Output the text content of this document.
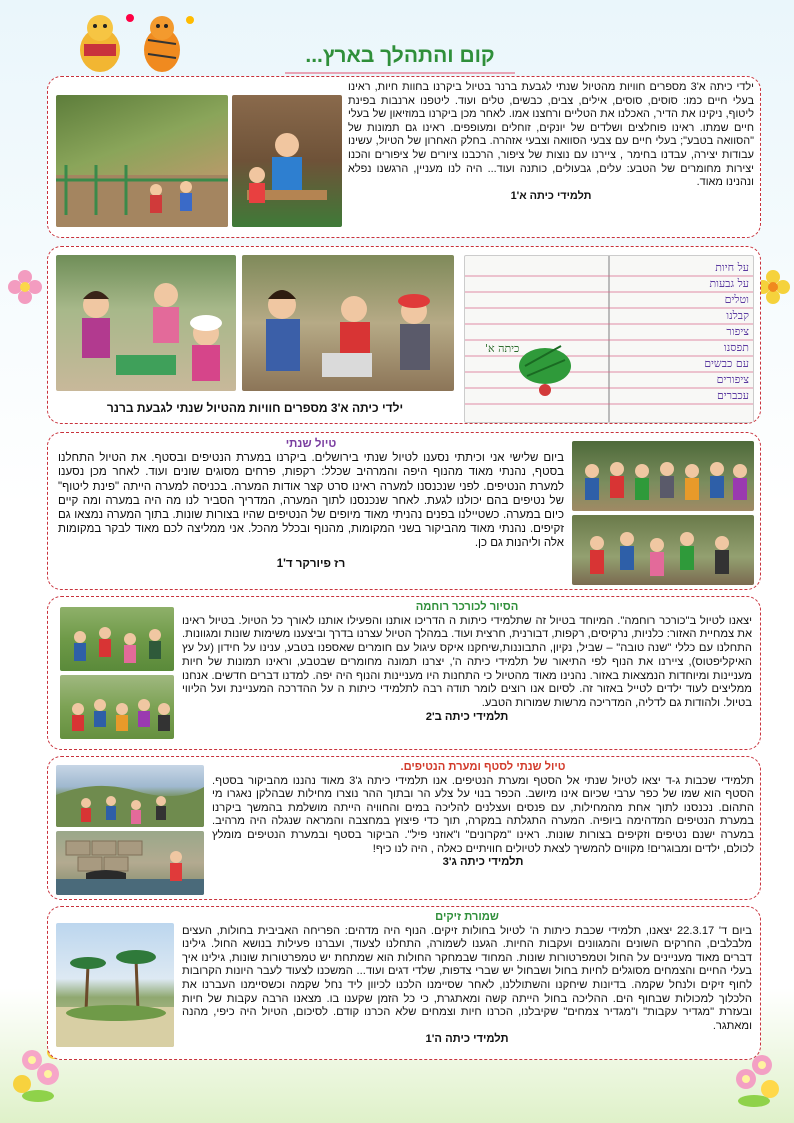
קום והתהלך בארץ...

ילדי כיתה א'3 מספרים חוויות מהטיול שנתי לגבעת ברנר בטיול ביקרנו בחוות חיות, ראינו בעלי חיים כמו: סוסים, סוסים, אילים, צבים, כבשים, טלים ועוד. ליטפנו ארנבות בפינת ליטוף, ניקינו את הדיר, האכלנו את הטליים ורחצנו אמו. לאחר מכן ביקרנו במוזיאון של בעלי חיים שמתו. ראינו פוחלצים ושלדים של יונקים, זוחלים ומעופפים. ראינו גם תמונות של "הסוואה בטבע"; בעלי חיים עם צבעי הסוואה וצבעי אזהרה. בחלק האחרון של הטיול, עשינו עבודות יצירה, עבדנו בחימר , ציירנו עם נוצות של ציפור, הרכבנו ציורים של ציפורים והכנו יצירות מחומרים של הטבע: עלים, גבעולים, כותנה ועוד... היה לנו מעניין, הרגשנו נפלא ונהנינו מאוד.

תלמידי כיתה א'1

על חיות
על גבעות
וטלים
קבלנו
ציפור
תפסנו
עם כבשים
ציפורים
עכברים
כיתה א'
ילדי כיתה א'3 מספרים חוויות מהטיול שנתי לגבעת ברנר

טיול שנתי

ביום שלישי אני וכיתתי נסענו לטיול שנתי בירושלים. ביקרנו במערת הנטיפים ובסטף. את הטיול התחלנו בסטף, נהנתי מאוד מהנוף היפה והמרהיב שכלל: רקפות, פרחים מסוגים שונים ועוד. לאחר מכן נסענו למערת הנטיפים. לפני שנכנסנו למערה ראינו סרט קצר אודות המערה. בכניסה למערה הייתה "פינת ליטוף" של נטיפים בהם יכולנו לגעת. לאחר שנכנסנו לתוך המערה, המדריך הסביר לנו מה היה במערה ומה קיים כיום במערה. כשטיילנו בפנים נהניתי מאוד מיופים של הנטיפים שהיו בצורות שונות. בתוך המערה נמצאו גם זקיפים. נהנתי מאוד מהביקור בשני המקומות, מהנוף ובכלל מהכל. אני ממליצה לכם מאוד לבקר במקומות אלה וליהנות גם כן.

רז פיורקר ד'1

הסיור לכורכר רוחמה

יצאנו לטיול ב"כורכר רוחמה". המיוחד בטיול זה שתלמידי כיתות ה הדריכו אותנו והפעילו אותנו לאורך כל הטיול. בטיול ראינו את צמחיית האזור: כלניות, נרקיסים, רקפות, דבורנית, חרצית ועוד. במהלך הטיול עצרנו בדרך וביצענו משימות שונות ומגוונות. התחלנו עם כללי "שנה טובה" – שביל, נקיון, התבוננות,שיחקנו איקס עיגול עם חומרים שאספנו בטבע, ענינו על חידון (על עץ האיקליפטוס), ציירנו את הנוף לפי התיאור של תלמידי כיתה ה', יצרנו תמונה מחומרים שבטבע, וראינו תמונות של חיות מעניינות ומיוחדות הנמצאות באזור. נהנינו מאוד מהטיול כי התחנות היו מעניינות והנוף היה יפה. למדנו דברים חדשים. אנחנו ממליצים לעוד ילדים לטייל באזור זה. לסיום אנו רוצים לומר תודה רבה לתלמידי כיתות ה על ההדרכה המעניינת ועל הליווי בטיול. ולהודות גם לדליה, המדריכה מרשות שמורות הטבע.

תלמידי כיתה ב'2

טיול שנתי לסטף ומערת הנטיפים.

תלמידי שכבות ג-ד יצאו לטיול שנתי אל הסטף ומערת הנטיפים. אנו תלמידי כיתה ג'3 מאוד נהננו מהביקור בסטף. הסטף הוא שמו של כפר ערבי שכיום אינו מיושב. הכפר בנוי על צלע הר ובתוך ההר נוצרו מחילות שבהלקן נאגרו מי התהום. נכנסנו לתוך אחת מהמחילות, עם פנסים ועצלנים להליכה במים והחוויה הייתה מושלמת בהמשך ביקרנו במערת הנטיפים המדהימה ביופיה. המערה התגלתה במקרה, תוך כדי פיצוץ במחצבה והמראה שנגלה היה מרהיב. במערה ישנם נטיפים וזקיפים בצורות שונות. ראינו "מקרונים" ו"אוזני פיל". הביקור בסטף ובמערת הנטיפים מומלץ לכולם, ילדים ומבוגרים! מקווים להמשיך לצאת לטיולים חוויתיים כאלה , היה לנו כיף!

תלמידי כיתה ג'3

שמורת זיקים

ביום ד' 22.3.17 יצאנו, תלמידי שכבת כיתות ה' לטיול בחולות זיקים. הנוף היה מדהים: הפריחה האביבית בחולות, העצים מלבלבים, החרקים השונים והמגוונים ועקבות החיות. הגענו לשמורה, התחלנו לצעוד, ועברנו פעילות בנושא החול. גילינו דברים מאוד מעניינים על החול וטמפרטורות שונות. המחוד שבמחקר החולות הוא שמתחת יש טמפרטורות שונות, גילינו איך בעלי החיים והצמחים מסוגלים לחיות בחול ושבחול יש שברי צדפות, שלדי דגים ועוד... המשכנו לצעוד לעבר היונות הקרובות לחוף זיקים ולנחל שקמה. בדיונות שיחקנו והשתוללנו, לאחר שסיימנו הלכנו לכיוון ליד נחל שקמה וכשסיימנו העברנו את הלכלוך למכולות שבחוף הים. ההליכה בחול הייתה קשה ומאתגרת, כי כל הזמן שקענו בו. מצאנו הרבה עקבות של חיות ובעזרת "מגדיר עקבות" ו"מגדיר צמחים" שקיבלנו, הכרנו חיות וצמחים שלא הכרנו קודם. לסיכום, הטיול היה כיפי, מהנה ומאתגר.

תלמידי כיתה ה'1
